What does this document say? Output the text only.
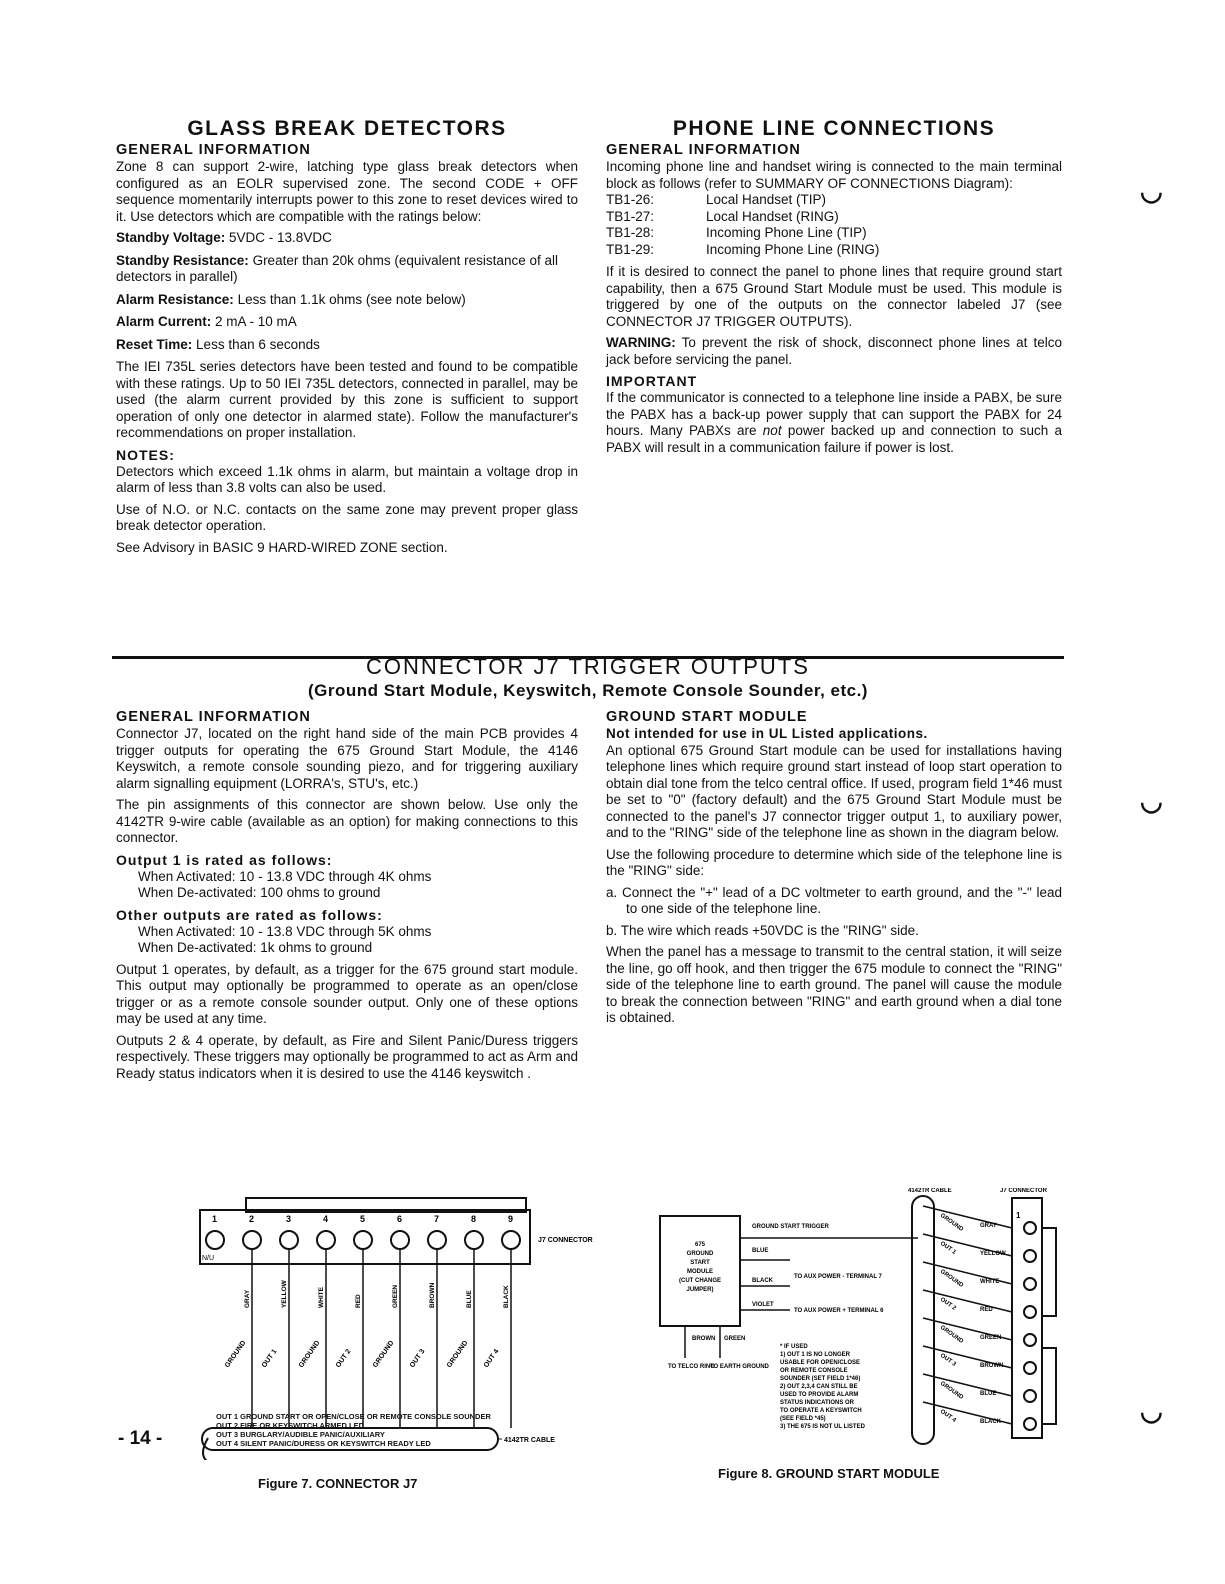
GLASS BREAK DETECTORS
GENERAL INFORMATION

Zone 8 can support 2-wire, latching type glass break detectors when configured as an EOLR supervised zone. The second CODE + OFF sequence momentarily interrupts power to this zone to reset devices wired to it. Use detectors which are compatible with the ratings below:

Standby Voltage: 5VDC - 13.8VDC
Standby Resistance: Greater than 20k ohms (equivalent resistance of all detectors in parallel)
Alarm Resistance: Less than 1.1k ohms (see note below)
Alarm Current: 2 mA - 10 mA
Reset Time: Less than 6 seconds

The IEI 735L series detectors have been tested and found to be compatible with these ratings. Up to 50 IEI 735L detectors, connected in parallel, may be used (the alarm current provided by this zone is sufficient to support operation of only one detector in alarmed state). Follow the manufacturer's recommendations on proper installation.

NOTES:

Detectors which exceed 1.1k ohms in alarm, but maintain a voltage drop in alarm of less than 3.8 volts can also be used.

Use of N.O. or N.C. contacts on the same zone may prevent proper glass break detector operation.

See Advisory in BASIC 9 HARD-WIRED ZONE section.

PHONE LINE CONNECTIONS
GENERAL INFORMATION

Incoming phone line and handset wiring is connected to the main terminal block as follows (refer to SUMMARY OF CONNECTIONS Diagram):

TB1-26:	Local Handset (TIP)
TB1-27:	Local Handset (RING)
TB1-28:	Incoming Phone Line (TIP)
TB1-29:	Incoming Phone Line (RING)

If it is desired to connect the panel to phone lines that require ground start capability, then a 675 Ground Start Module must be used. This module is triggered by one of the outputs on the connector labeled J7 (see CONNECTOR J7 TRIGGER OUTPUTS).

WARNING: To prevent the risk of shock, disconnect phone lines at telco jack before servicing the panel.

IMPORTANT

If the communicator is connected to a telephone line inside a PABX, be sure the PABX has a back-up power supply that can support the PABX for 24 hours. Many PABXs are not power backed up and connection to such a PABX will result in a communication failure if power is lost.

CONNECTOR J7 TRIGGER OUTPUTS
(Ground Start Module, Keyswitch, Remote Console Sounder, etc.)
GENERAL INFORMATION

Connector J7, located on the right hand side of the main PCB provides 4 trigger outputs for operating the 675 Ground Start Module, the 4146 Keyswitch, a remote console sounding piezo, and for triggering auxiliary alarm signalling equipment (LORRA's, STU's, etc.)

The pin assignments of this connector are shown below. Use only the 4142TR 9-wire cable (available as an option) for making connections to this connector.

Output 1 is rated as follows:
When Activated: 10 - 13.8 VDC through 4K ohms
When De-activated: 100 ohms to ground
Other outputs are rated as follows:
When Activated: 10 - 13.8 VDC through 5K ohms
When De-activated: 1k ohms to ground

Output 1 operates, by default, as a trigger for the 675 ground start module. This output may optionally be programmed to operate as an open/close trigger or as a remote console sounder output. Only one of these options may be used at any time.

Outputs 2 & 4 operate, by default, as Fire and Silent Panic/Duress triggers respectively. These triggers may optionally be programmed to act as Arm and Ready status indicators when it is desired to use the 4146 keyswitch .

GROUND START MODULE
Not intended for use in UL Listed applications.

An optional 675 Ground Start module can be used for installations having telephone lines which require ground start instead of loop start operation to obtain dial tone from the telco central office. If used, program field 1*46 must be set to "0" (factory default) and the 675 Ground Start Module must be connected to the panel's J7 connector trigger output 1, to auxiliary power, and to the "RING" side of the telephone line as shown in the diagram below.

Use the following procedure to determine which side of the telephone line is the "RING" side:

a. Connect the "+" lead of a DC voltmeter to earth ground, and the "-" lead to one side of the telephone line.

b. The wire which reads +50VDC is the "RING" side.

When the panel has a message to transmit to the central station, it will seize the line, go off hook, and then trigger the 675 module to connect the "RING" side of the telephone line to earth ground. The panel will cause the module to break the connection between "RING" and earth ground when a dial tone is obtained.

1	2	3	4	5	6	7	8	9
N/U
J7 CONNECTOR
GRAY
GROUND
YELLOW
OUT 1
WHITE
GROUND
RED
OUT 2
GREEN
GROUND
BROWN
OUT 3
BLUE
GROUND
BLACK
OUT 4
4142TR CABLE
OUT 1 GROUND START OR OPEN/CLOSE OR REMOTE CONSOLE SOUNDER
OUT 2 FIRE OR KEYSWITCH ARMED LED
OUT 3 BURGLARY/AUDIBLE PANIC/AUXILIARY
OUT 4 SILENT PANIC/DURESS OR KEYSWITCH READY LED
Figure 7. CONNECTOR J7
675
GROUND
START
MODULE
(CUT CHANGE
JUMPER)
GROUND START TRIGGER
BLUE
BLACK
VIOLET
TO AUX POWER - TERMINAL 7
TO AUX POWER + TERMINAL 6
BROWN GREEN
TO TELCO RING
TO EARTH GROUND
* IF USED
1) OUT 1 IS NO LONGER
USABLE FOR OPEN/CLOSE
OR REMOTE CONSOLE
SOUNDER (SET FIELD 1*46)
2) OUT 2,3,4 CAN STILL BE
USED TO PROVIDE ALARM
STATUS INDICATIONS OR
TO OPERATE A KEYSWITCH
(SEE FIELD *45)
3) THE 675 IS NOT UL LISTED
4142TR CABLE	J7 CONNECTOR
GRAY
GROUND
YELLOW
OUT 1
WHITE
GROUND
RED
OUT 2
GREEN
GROUND
BROWN
OUT 3
BLUE
GROUND
BLACK
OUT 4
1
Figure 8. GROUND START MODULE
- 14 -
◡
◡
◡
